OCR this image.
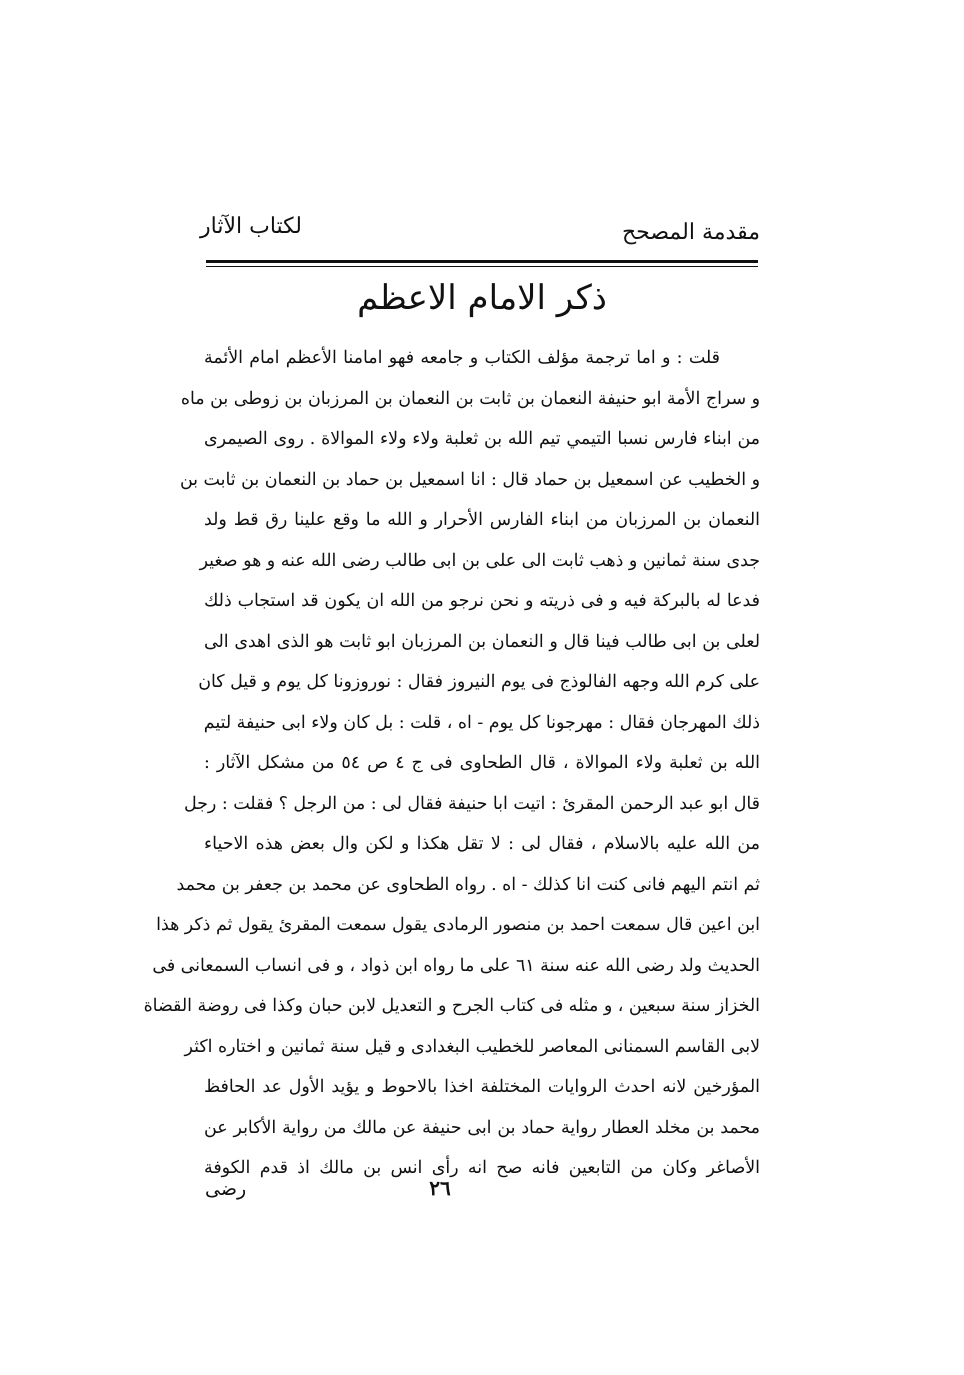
مقدمة المصحح
لكتاب الآثار
ذكر الامام الاعظم
قلت : و اما ترجمة مؤلف الكتاب و جامعه فهو امامنا الأعظم امام الأئمة
و سراج الأمة ابو حنيفة النعمان بن ثابت بن النعمان بن المرزبان بن زوطى بن ماه
من ابناء فارس نسبا التيمي تيم الله بن ثعلبة ولاء ولاء الموالاة . روى الصيمرى
و الخطيب عن اسمعيل بن حماد قال : انا اسمعيل بن حماد بن النعمان بن ثابت بن
النعمان بن المرزبان من ابناء الفارس الأحرار و الله ما وقع علينا رق قط ولد
جدى سنة ثمانين و ذهب ثابت الى على بن ابى طالب رضى الله عنه و هو صغير
فدعا له بالبركة فيه و فى ذريته و نحن نرجو من الله ان يكون قد استجاب ذلك
لعلى بن ابى طالب فينا قال و النعمان بن المرزبان ابو ثابت هو الذى اهدى الى
على كرم الله وجهه الفالوذج فى يوم النيروز فقال : نوروزونا كل يوم و قيل كان
ذلك المهرجان فقال : مهرجونا كل يوم - اه ، قلت : بل كان ولاء ابى حنيفة لتيم
الله بن ثعلبة ولاء الموالاة ، قال الطحاوى فى ج ٤ ص ٥٤ من مشكل الآثار :
قال ابو عبد الرحمن المقرئ : اتيت ابا حنيفة فقال لى : من الرجل ؟ فقلت : رجل
من الله عليه بالاسلام ، فقال لى : لا تقل هكذا و لكن وال بعض هذه الاحياء
ثم انتم اليهم فانى كنت انا كذلك - اه . رواه الطحاوى عن محمد بن جعفر بن محمد
ابن اعين قال سمعت احمد بن منصور الرمادى يقول سمعت المقرئ يقول ثم ذكر هذا
الحديث ولد رضى الله عنه سنة ٦١ على ما رواه ابن ذواد ، و فى انساب السمعانى فى
الخزاز سنة سبعين ، و مثله فى كتاب الجرح و التعديل لابن حبان وكذا فى روضة القضاة
لابى القاسم السمنانى المعاصر للخطيب البغدادى و قيل سنة ثمانين و اختاره اكثر
المؤرخين لانه احدث الروايات المختلفة اخذا بالاحوط و يؤيد الأول عد الحافظ
محمد بن مخلد العطار رواية حماد بن ابى حنيفة عن مالك من رواية الأكابر عن
الأصاغر وكان من التابعين فانه صح انه رأى انس بن مالك اذ قدم الكوفة
رضى	٢٦
